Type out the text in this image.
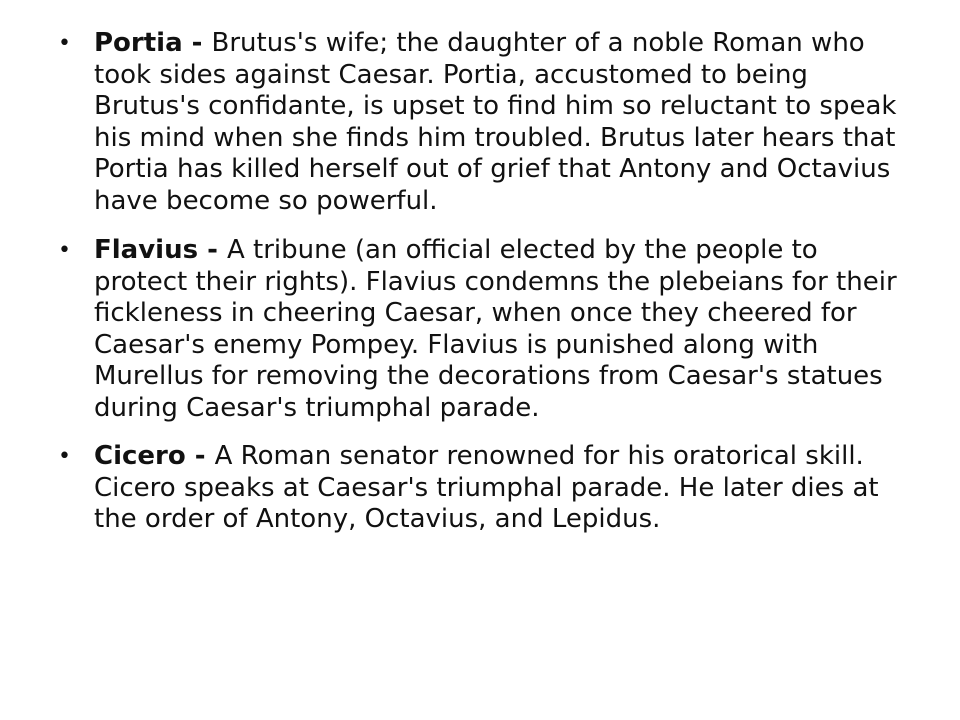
• Portia - Brutus's wife; the daughter of a noble Roman who took sides against Caesar. Portia, accustomed to being Brutus's confidante, is upset to find him so reluctant to speak his mind when she finds him troubled. Brutus later hears that Portia has killed herself out of grief that Antony and Octavius have become so powerful.
• Flavius - A tribune (an official elected by the people to protect their rights). Flavius condemns the plebeians for their fickleness in cheering Caesar, when once they cheered for Caesar's enemy Pompey. Flavius is punished along with Murellus for removing the decorations from Caesar's statues during Caesar's triumphal parade.
• Cicero - A Roman senator renowned for his oratorical skill. Cicero speaks at Caesar's triumphal parade. He later dies at the order of Antony, Octavius, and Lepidus.
